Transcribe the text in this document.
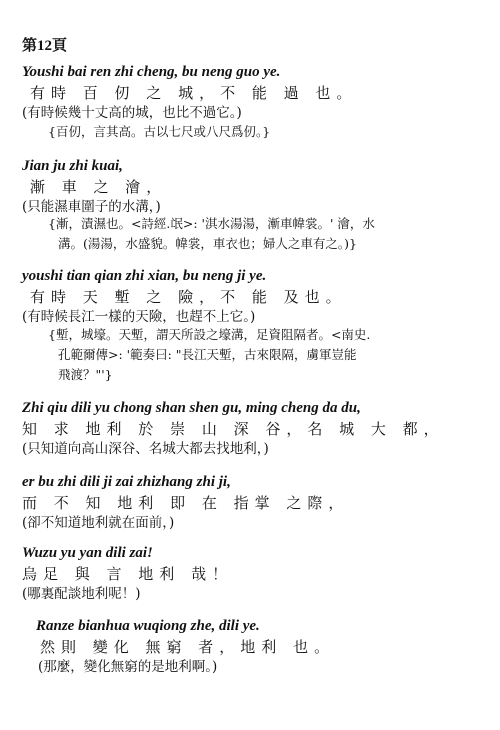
第12頁
Youshi bai ren zhi cheng, bu neng guo ye.
有時 百 仞 之 城，不 能 過 也。
(有時候幾十丈高的城，也比不過它。)
{百仞，言其高。古以七尺或八尺爲仞。}
Jian ju zhi kuai,
漸 車 之 澮，
(只能濕車圍子的水溝，)
{漸，漬濕也。<詩經.氓>: '淇水湯湯，漸車幃裳。' 澮，水
溝。(湯湯，水盛貌。幃裳，車衣也；婦人之車有之。)}
youshi tian qian zhi xian, bu neng ji ye.
有時 天 塹 之 險，不 能 及也。
(有時候長江一樣的天險，也趕不上它。)
{塹，城壕。天塹，謂天所設之壕溝，足資阻隔者。<南史.
孔範爾傳>: '範奏曰: "長江天塹，古來限隔，虜軍豈能
飛渡？"'}
Zhi qiu dili yu chong shan shen gu, ming cheng da du,
知 求 地利 於 崇 山 深 谷，名 城 大 都，
(只知道向高山深谷、名城大都去找地利，)
er bu zhi dili ji zai zhizhang zhi ji,
而 不 知 地利 即 在 指掌 之際，
(卻不知道地利就在面前，)
Wuzu yu yan dili zai!
烏足 與 言 地利 哉！
(哪裏配談地利呢！)
Ranze bianhua wuqiong zhe, dili ye.
然則 變化 無窮 者，地利 也。
(那麼，變化無窮的是地利啊。)
